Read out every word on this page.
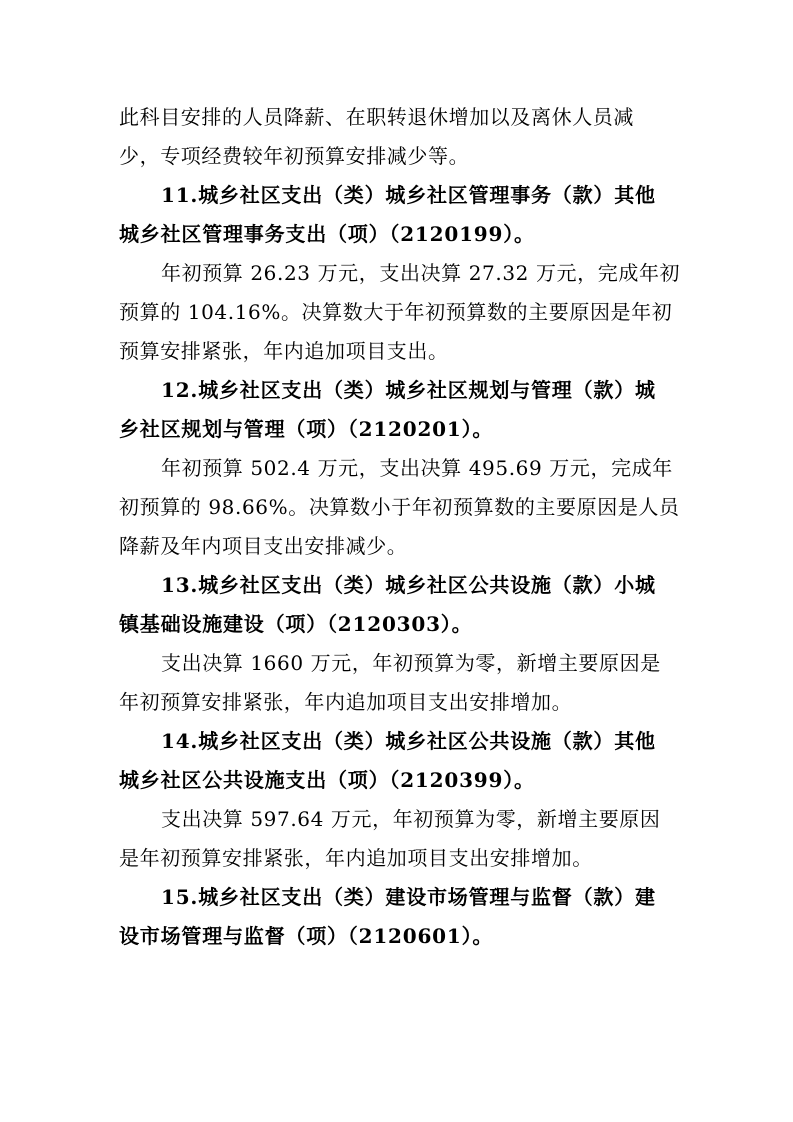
此科目安排的人员降薪、在职转退休增加以及离休人员减
少，专项经费较年初预算安排减少等。
11.城乡社区支出（类）城乡社区管理事务（款）其他
城乡社区管理事务支出（项）（2120199）。
年初预算 26.23 万元，支出决算 27.32 万元，完成年初
预算的 104.16%。决算数大于年初预算数的主要原因是年初
预算安排紧张，年内追加项目支出。
12.城乡社区支出（类）城乡社区规划与管理（款）城
乡社区规划与管理（项）（2120201）。
年初预算 502.4 万元，支出决算 495.69 万元，完成年
初预算的 98.66%。决算数小于年初预算数的主要原因是人员
降薪及年内项目支出安排减少。
13.城乡社区支出（类）城乡社区公共设施（款）小城
镇基础设施建设（项）（2120303）。
支出决算 1660 万元，年初预算为零，新增主要原因是
年初预算安排紧张，年内追加项目支出安排增加。
14.城乡社区支出（类）城乡社区公共设施（款）其他
城乡社区公共设施支出（项）（2120399）。
支出决算 597.64 万元，年初预算为零，新增主要原因
是年初预算安排紧张，年内追加项目支出安排增加。
15.城乡社区支出（类）建设市场管理与监督（款）建
设市场管理与监督（项）（2120601）。
